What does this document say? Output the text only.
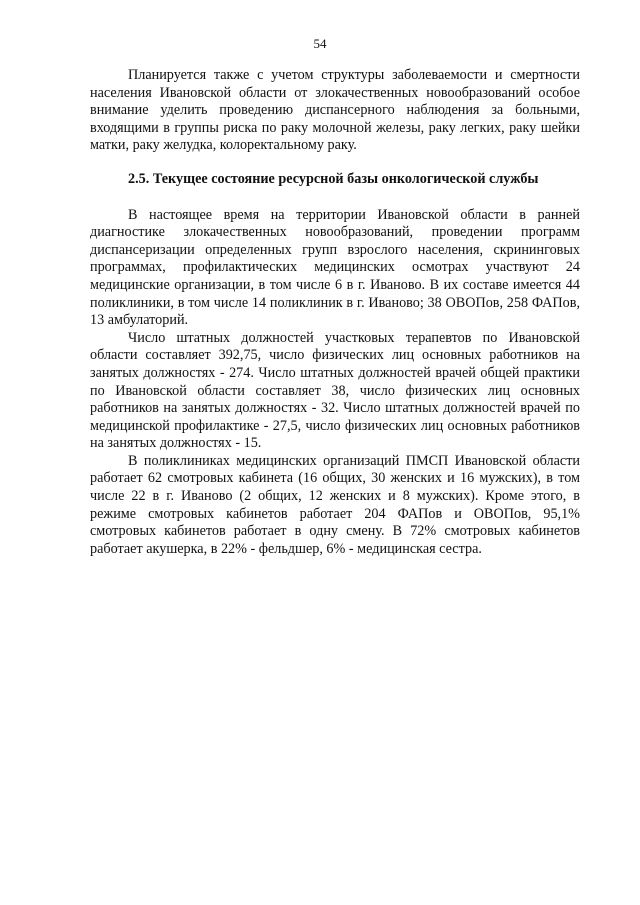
54

Планируется также с учетом структуры заболеваемости и смертности населения Ивановской области от злокачественных новообразований особое внимание уделить проведению диспансерного наблюдения за больными, входящими в группы риска по раку молочной железы, раку легких, раку шейки матки, раку желудка, колоректальному раку.

2.5. Текущее состояние ресурсной базы онкологической службы

В настоящее время на территории Ивановской области в ранней диагностике злокачественных новообразований, проведении программ диспансеризации определенных групп взрослого населения, скрининговых программах, профилактических медицинских осмотрах участвуют 24 медицинские организации, в том числе 6 в г. Иваново. В их составе имеется 44 поликлиники, в том числе 14 поликлиник в г. Иваново; 38 ОВОПов, 258 ФАПов, 13 амбулаторий.

Число штатных должностей участковых терапевтов по Ивановской области составляет 392,75, число физических лиц основных работников на занятых должностях - 274. Число штатных должностей врачей общей практики по Ивановской области составляет 38, число физических лиц основных работников на занятых должностях - 32. Число штатных должностей врачей по медицинской профилактике - 27,5, число физических лиц основных работников на занятых должностях - 15.

В поликлиниках медицинских организаций ПМСП Ивановской области работает 62 смотровых кабинета (16 общих, 30 женских и 16 мужских), в том числе 22 в г. Иваново (2 общих, 12 женских и 8 мужских). Кроме этого, в режиме смотровых кабинетов работает 204 ФАПов и ОВОПов, 95,1% смотровых кабинетов работает в одну смену. В 72% смотровых кабинетов работает акушерка, в 22% - фельдшер, 6% - медицинская сестра.
